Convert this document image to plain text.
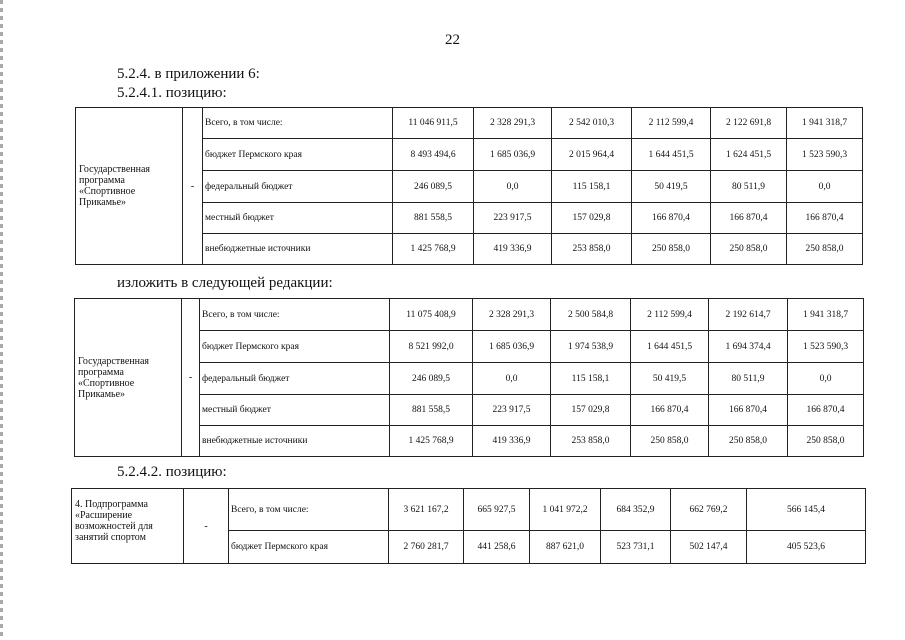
22
5.2.4. в приложении 6:
5.2.4.1. позицию:
изложить в следующей редакции:
5.2.4.2. позицию:
Государственная программа «Спортивное Прикамье»	-	Всего, в том числе:	11 046 911,5	2 328 291,3	2 542 010,3	2 112 599,4	2 122 691,8	1 941 318,7
		бюджет Пермского края	8 493 494,6	1 685 036,9	2 015 964,4	1 644 451,5	1 624 451,5	1 523 590,3
		федеральный бюджет	246 089,5	0,0	115 158,1	50 419,5	80 511,9	0,0
		местный бюджет	881 558,5	223 917,5	157 029,8	166 870,4	166 870,4	166 870,4
		внебюджетные источники	1 425 768,9	419 336,9	253 858,0	250 858,0	250 858,0	250 858,0
Государственная программа «Спортивное Прикамье»	-	Всего, в том числе:	11 075 408,9	2 328 291,3	2 500 584,8	2 112 599,4	2 192 614,7	1 941 318,7
		бюджет Пермского края	8 521 992,0	1 685 036,9	1 974 538,9	1 644 451,5	1 694 374,4	1 523 590,3
		федеральный бюджет	246 089,5	0,0	115 158,1	50 419,5	80 511,9	0,0
		местный бюджет	881 558,5	223 917,5	157 029,8	166 870,4	166 870,4	166 870,4
		внебюджетные источники	1 425 768,9	419 336,9	253 858,0	250 858,0	250 858,0	250 858,0
4. Подпрограмма «Расширение возможностей для занятий спортом	-	Всего, в том числе:	3 621 167,2	665 927,5	1 041 972,2	684 352,9	662 769,2	566 145,4
		бюджет Пермского края	2 760 281,7	441 258,6	887 621,0	523 731,1	502 147,4	405 523,6
